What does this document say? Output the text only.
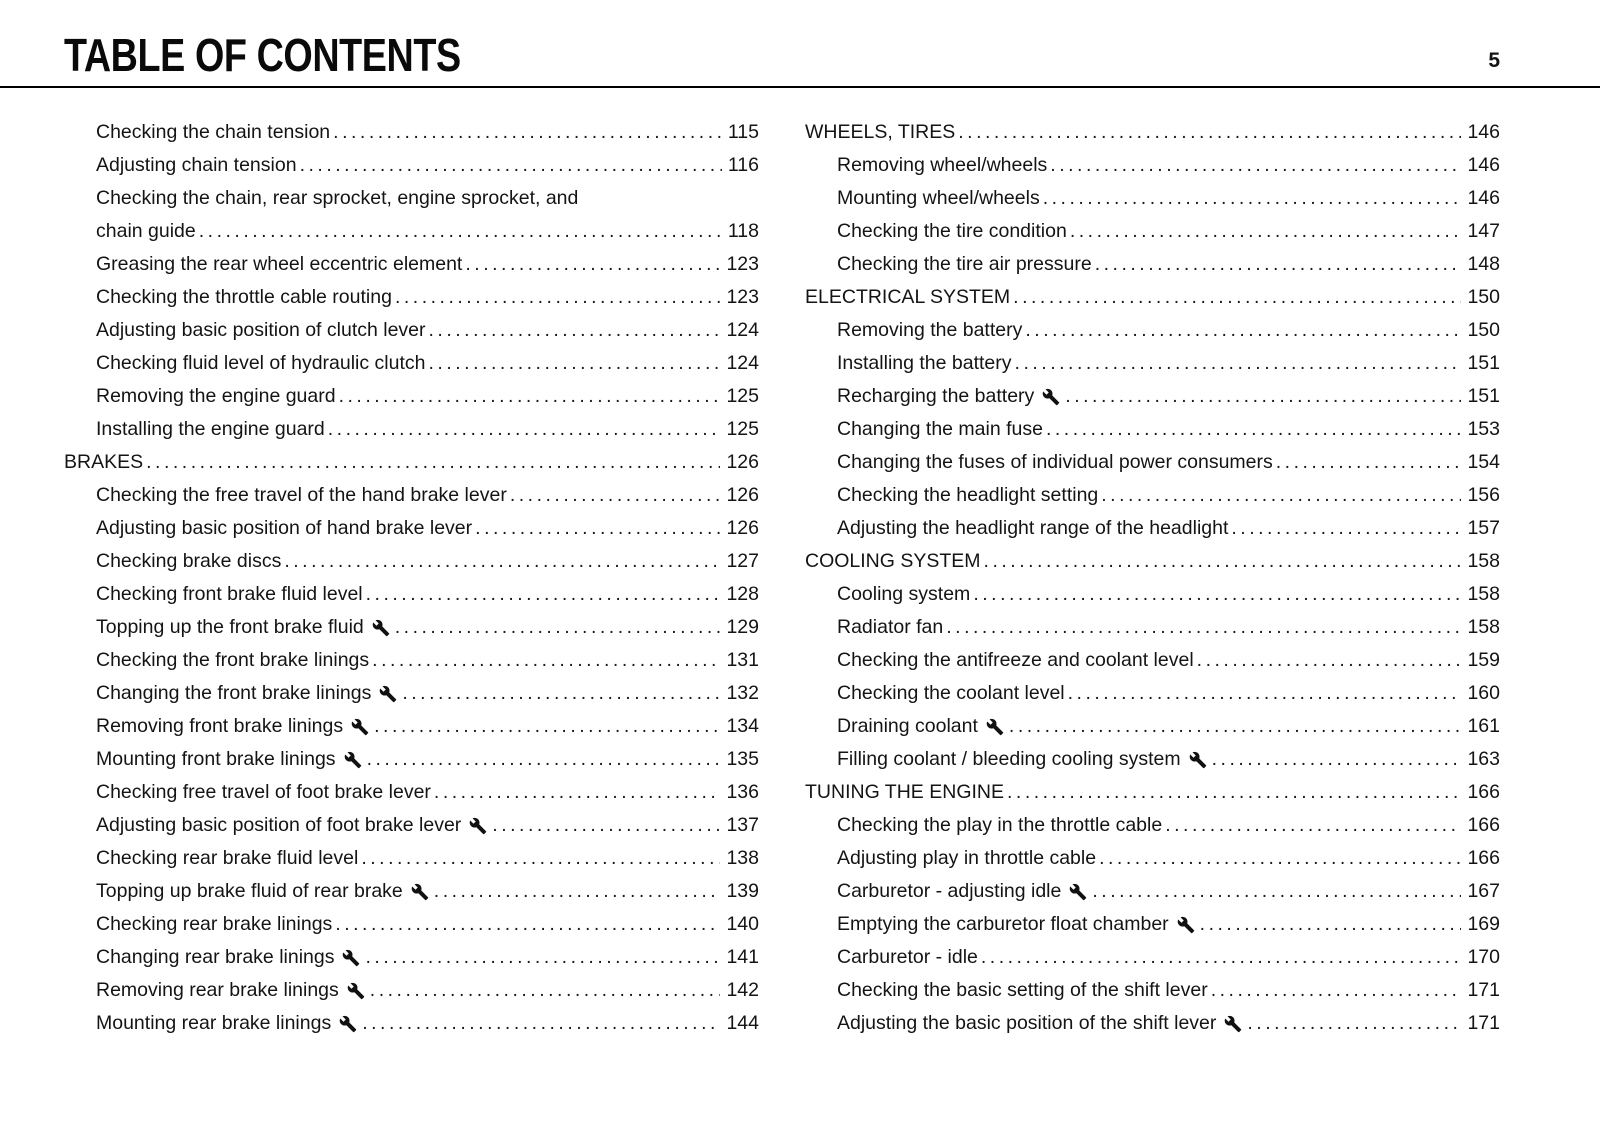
TABLE OF CONTENTS	5
Checking the chain tension .....	115
Adjusting chain tension .....	116
Checking the chain, rear sprocket, engine sprocket, and
chain guide .....	118
Greasing the rear wheel eccentric element .....	123
Checking the throttle cable routing .....	123
Adjusting basic position of clutch lever .....	124
Checking fluid level of hydraulic clutch .....	124
Removing the engine guard .....	125
Installing the engine guard .....	125
BRAKES .....	126
Checking the free travel of the hand brake lever .....	126
Adjusting basic position of hand brake lever .....	126
Checking brake discs .....	127
Checking front brake fluid level .....	128
Topping up the front brake fluid .....	129
Checking the front brake linings .....	131
Changing the front brake linings .....	132
Removing front brake linings .....	134
Mounting front brake linings .....	135
Checking free travel of foot brake lever .....	136
Adjusting basic position of foot brake lever .....	137
Checking rear brake fluid level .....	138
Topping up brake fluid of rear brake .....	139
Checking rear brake linings .....	140
Changing rear brake linings .....	141
Removing rear brake linings .....	142
Mounting rear brake linings .....	144
WHEELS, TIRES .....	146
Removing wheel/wheels .....	146
Mounting wheel/wheels .....	146
Checking the tire condition .....	147
Checking the tire air pressure .....	148
ELECTRICAL SYSTEM .....	150
Removing the battery .....	150
Installing the battery .....	151
Recharging the battery .....	151
Changing the main fuse .....	153
Changing the fuses of individual power consumers .....	154
Checking the headlight setting .....	156
Adjusting the headlight range of the headlight .....	157
COOLING SYSTEM .....	158
Cooling system .....	158
Radiator fan .....	158
Checking the antifreeze and coolant level .....	159
Checking the coolant level .....	160
Draining coolant .....	161
Filling coolant / bleeding cooling system .....	163
TUNING THE ENGINE .....	166
Checking the play in the throttle cable .....	166
Adjusting play in throttle cable .....	166
Carburetor - adjusting idle .....	167
Emptying the carburetor float chamber .....	169
Carburetor - idle .....	170
Checking the basic setting of the shift lever .....	171
Adjusting the basic position of the shift lever .....	171
